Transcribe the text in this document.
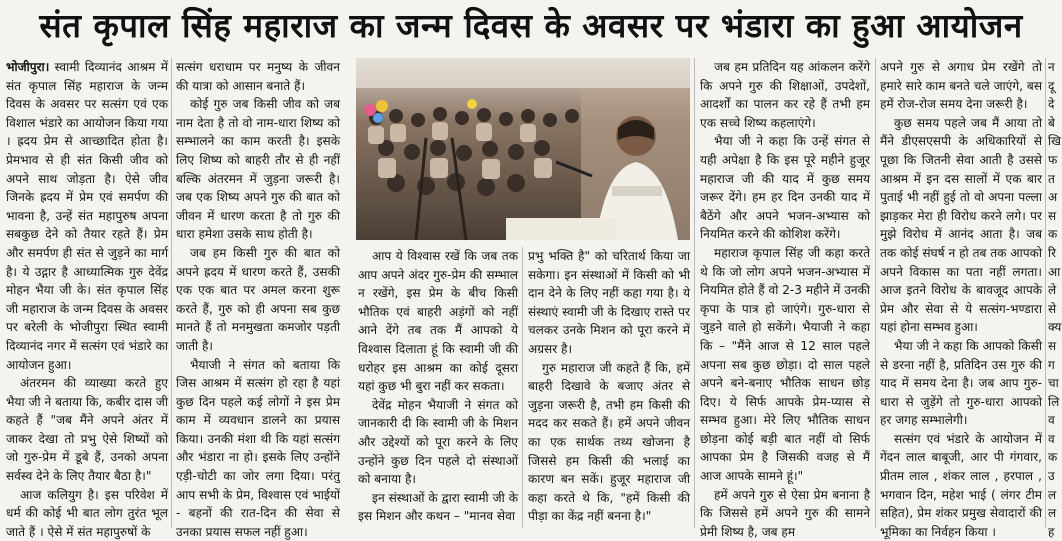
संत कृपाल सिंह महाराज का जन्म दिवस के अवसर पर भंडारा का हुआ आयोजन

भोजीपुरा। स्वामी दिव्यानंद आश्रम में संत कृपाल सिंह महाराज के जन्म दिवस के अवसर पर सत्संग एवं एक विशाल भंडारे का आयोजन किया गया । ह्रदय प्रेम से आच्छादित होता है। प्रेमभाव से ही संत किसी जीव को अपने साथ जोड़ता है। ऐसे जीव जिनके ह्रदय में प्रेम एवं समर्पण की भावना है, उन्हें संत महापुरुष अपना सबकुछ देने को तैयार रहते हैं। प्रेम और समर्पण ही संत से जुड़ने का मार्ग है। ये उद्गार है आध्यात्मिक गुरु देवेंद्र मोहन भैया जी के। संत कृपाल सिंह जी महाराज के जन्म दिवस के अवसर पर बरेली के भोजीपुरा स्थित स्वामी दिव्यानंद नगर में सत्संग एवं भंडारे का आयोजन हुआ।

अंतरमन की व्याख्या करते हुए भैया जी ने बताया कि, कबीर दास जी कहते हैं "जब मैंने अपने अंतर में जाकर देखा तो प्रभु ऐसे शिष्यों को जो गुरु-प्रेम में डूबे हैं, उनको अपना सर्वस्व देने के लिए तैयार बैठा है।"

आज कलियुग है। इस परिवेश में धर्म की कोई भी बात लोग तुरंत भूल जाते हैं । ऐसे में संत महापुरुषों के

सत्संग धराधाम पर मनुष्य के जीवन की यात्रा को आसान बनाते हैं।

कोई गुरु जब किसी जीव को जब नाम देता है तो वो नाम-धारा शिष्य को सम्भालने का काम करती है। इसके लिए शिष्य को बाहरी तौर से ही नहीं बल्कि अंतरमन में जुड़ना जरूरी है। जब एक शिष्य अपने गुरु की बात को जीवन में धारण करता है तो गुरु की धारा हमेशा उसके साथ होती है।

जब हम किसी गुरु की बात को अपने ह्रदय में धारण करते हैं, उसकी एक एक बात पर अमल करना शुरू करते हैं, गुरु को ही अपना सब कुछ मानते हैं तो मनमुखता कमजोर पड़ती जाती है।

भैयाजी ने संगत को बताया कि जिस आश्रम में सत्संग हो रहा है यहां कुछ दिन पहले कई लोगों ने इस प्रेम काम में व्यवधान डालने का प्रयास किया। उनकी मंशा थी कि यहां सत्संग और भंडारा ना हो। इसके लिए उन्होंने एड़ी-चोटी का जोर लगा दिया। परंतु आप सभी के प्रेम, विश्वास एवं भाईयों - बहनों की रात-दिन की सेवा से उनका प्रयास सफल नहीं हुआ।

आप ये विश्वास रखें कि जब तक आप अपने अंदर गुरु-प्रेम की सम्भाल न रखेंगे, इस प्रेम के बीच किसी भौतिक एवं बाहरी अड़ंगों को नहीं आने देंगे तब तक मैं आपको ये विश्वास दिलाता हूं कि स्वामी जी की धरोहर इस आश्रम का कोई दूसरा यहां कुछ भी बुरा नहीं कर सकता।

देवेंद्र मोहन भैयाजी ने संगत को जानकारी दी कि स्वामी जी के मिशन और उद्देश्यों को पूरा करने के लिए उन्होंने कुछ दिन पहले दो संस्थाओं को बनाया है।

इन संस्थाओं के द्वारा स्वामी जी के इस मिशन और कथन – "मानव सेवा

प्रभु भक्ति है" को चरितार्थ किया जा सकेगा। इन संस्थाओं में किसी को भी दान देने के लिए नहीं कहा गया है। ये संस्थाएं स्वामी जी के दिखाए रास्ते पर चलकर उनके मिशन को पूरा करने में अग्रसर है।

गुरु महाराज जी कहते हैं कि, हमें बाहरी दिखावे के बजाए अंतर से जुड़ना जरूरी है, तभी हम किसी की मदद कर सकते हैं। हमें अपने जीवन का एक सार्थक तथ्य खोजना है जिससे हम किसी की भलाई का कारण बन सकें। हुजूर महाराज जी कहा करते थे कि, "हमें किसी की पीड़ा का केंद्र नहीं बनना है।"

जब हम प्रतिदिन यह आंकलन करेंगे कि अपने गुरु की शिक्षाओं, उपदेशों, आदर्शों का पालन कर रहे हैं तभी हम एक सच्चे शिष्य कहलाएंगे।

भैया जी ने कहा कि उन्हें संगत से यही अपेक्षा है कि इस पूरे महीने हुजूर महाराज जी की याद में कुछ समय जरूर देंगे। हम हर दिन उनकी याद में बैठेंगे और अपने भजन-अभ्यास को नियमित करने की कोशिश करेंगे।

महाराज कृपाल सिंह जी कहा करते थे कि जो लोग अपने भजन-अभ्यास में नियमित होते हैं वो 2-3 महीने में उनकी कृपा के पात्र हो जाएंगे। गुरु-धारा से जुड़ने वाले हो सकेंगे। भैयाजी ने कहा कि – "मैंने आज से 12 साल पहले अपना सब कुछ छोड़ा। दो साल पहले अपने बने-बनाए भौतिक साधन छोड़ दिए। ये सिर्फ आपके प्रेम-प्यास से सम्भव हुआ। मेरे लिए भौतिक साधन छोड़ना कोई बड़ी बात नहीं वो सिर्फ आपका प्रेम है जिसकी वजह से मैं आज आपके सामने हूं।"

हमें अपने गुरु से ऐसा प्रेम बनाना है कि जिससे हमें अपने गुरु की सामने प्रेमी शिष्य है, जब हम

अपने गुरु से अगाध प्रेम रखेंगे तो हमारे सारे काम बनते चले जाएंगे, बस हमें रोज-रोज समय देना जरूरी है।

कुछ समय पहले जब मैं आया तो मैंने डीएसएसपी के अधिकारियों से पूछा कि जितनी सेवा आती है उससे आश्रम में इन दस सालों में एक बार पुताई भी नहीं हुई तो वो अपना पल्ला झाड़कर मेरा ही विरोध करने लगे। पर मुझे विरोध में आनंद आता है। जब तक कोई संघर्ष न हो तब तक आपको अपने विकास का पता नहीं लगता। आज इतने विरोध के बावजूद आपके प्रेम और सेवा से ये सत्संग-भण्डारा यहां होना सम्भव हुआ।

भैया जी ने कहा कि आपको किसी से डरना नहीं है, प्रतिदिन उस गुरु की याद में समय देना है। जब आप गुरु-धारा से जुड़ेंगे तो गुरु-धारा आपको हर जगह सम्भालेगी।

सत्संग एवं भंडारे के आयोजन में गेंदन लाल बाबूजी, आर पी गंगवार, प्रीतम लाल , शंकर लाल , हरपाल , भगवान दिन, महेश भाई ( लंगर टीम सहित), प्रेम शंकर प्रमुख सेवादारों की भूमिका का निर्वहन किया ।

न
दू
दे
बे
खि
फ
त
अ
स
क
रि
आ
ले
से
क्य
स
ग
चा
लि
व
व
क
उ
ल
ल
ह
